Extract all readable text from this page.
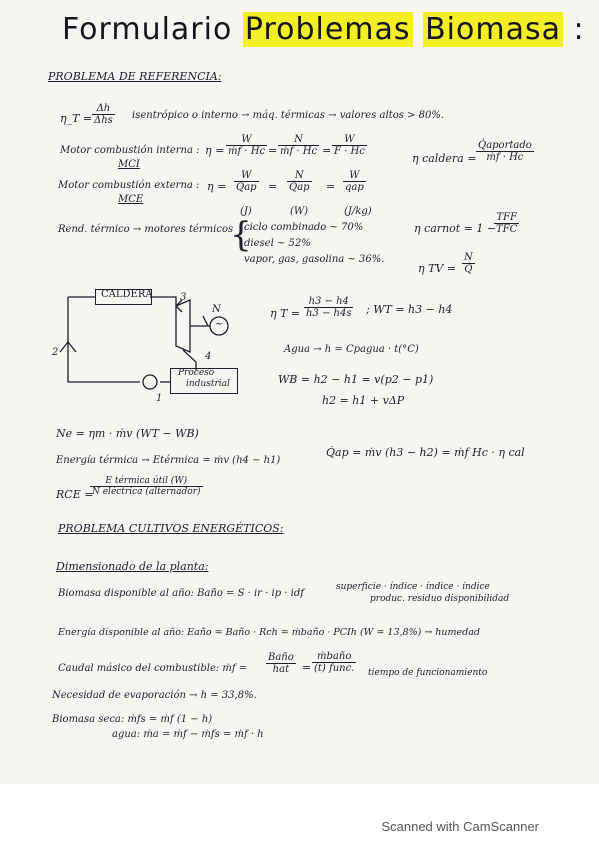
Formulario Problemas Biomasa :
PROBLEMA DE REFERENCIA:
η_T =
Δh
Δhs isentrópico o interno → máq. térmicas → valores altos > 80%.
Motor combustión interna :
MCI
$\eta = \frac{W}{\text{ṁf · Hc}} = \frac{N}{\text{ṁf · Hc}} = \frac{W}{F \cdot Hc}$
η caldera =
Q̇aportado
ṁf · Hc
Motor combustión externa :
MCE
η =
W
Qap = $\frac{N}{Q̇ap}$ =
W
qap
(J)	(W)	(J/kg)
Rend. térmico → motores térmicos
{
ciclo combinado ~ 70%
diesel ~ 52%
vapor, gas, gasolina ~ 36%.
η carnot = 1 −
TFF
TFC
η TV = $\frac{N}{Q̇}$
CALDERA
Proceso
industrial
3
4
1
2
~
N	η $T = \frac{h3 - h4}{h3 - h4s}$ ; WT = h3 − h4
Agua → h = Cpagua · t(°C)
WB = h2 − h1 = v(p2 − p1)
h2 = h1 + vΔP
Ne = ηm · ṁv (WT − WB)
Q̇ap = ṁv (h3 − h2) = ṁf Hc · η cal
Energía térmica → Etérmica = ṁv (h4 − h1)
RCE =
E térmica útil (W)
N eléctrica (alternador)
PROBLEMA CULTIVOS ENERGÉTICOS:
Dimensionado de la planta:
Biomasa disponible al año: Baño = S · ir · ip · idf
superficie · índice · índice · índice
produc. residuo disponibilidad
Energía disponible al año: Eaño = Baño · Rch = ṁbaño · PCIh (W = 13,8%) → humedad
Caudal másico del combustible: ṁf =
Baño
hat	=
ṁbaño
(t) func. tiempo de funcionamiento
Necesidad de evaporación → h = 33,8%.
Biomasa seca: ṁfs = ṁf (1 − h)
agua: ṁa = ṁf − ṁfs = ṁf · h
Scanned with CamScanner
